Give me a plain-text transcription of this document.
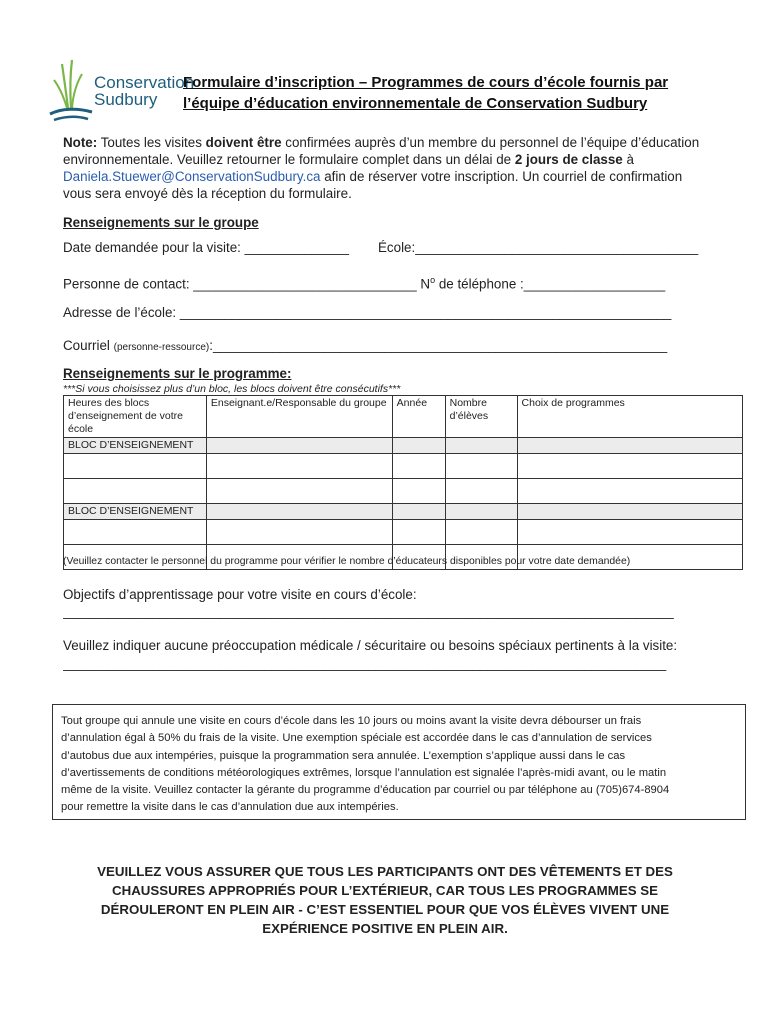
Conservation
Sudbury
Formulaire d’inscription – Programmes de cours d’école fournis par
l’équipe d’éducation environnementale de Conservation Sudbury
Note: Toutes les visites doivent être confirmées auprès d’un membre du personnel de l’équipe d’éducation
environnementale. Veuillez retourner le formulaire complet dans un délai de 2 jours de classe à
Daniela.Stuewer@ConservationSudbury.ca afin de réserver votre inscription. Un courriel de confirmation
vous sera envoyé dès la réception du formulaire.
Renseignements sur le groupe
Date demandée pour la visite: ______________ École:______________________________________
Personne de contact: ______________________________ $N^o$ de téléphone :___________________
Adresse de l’école: __________________________________________________________________
Courriel (personne-ressource):_____________________________________________________________
Renseignements sur le programme:
***Si vous choisissez plus d’un bloc, les blocs doivent être consécutifs***
Heures des blocs d’enseignement de votre école	Enseignant.e/Responsable du groupe	Année	Nombre d’élèves	Choix de programmes
BLOC D’ENSEIGNEMENT				

BLOC D’ENSEIGNEMENT				

(Veuillez contacter le personnel du programme pour vérifier le nombre d’éducateurs disponibles pour votre date demandée)
Objectifs d’apprentissage pour votre visite en cours d’école:
__________________________________________________________________________________
Veuillez indiquer aucune préoccupation médicale / sécuritaire ou besoins spéciaux pertinents à la visite:
_________________________________________________________________________________
Tout groupe qui annule une visite en cours d’école dans les 10 jours ou moins avant la visite devra débourser un frais
d’annulation égal à 50% du frais de la visite. Une exemption spéciale est accordée dans le cas d’annulation de services
d’autobus due aux intempéries, puisque la programmation sera annulée. L’exemption s’applique aussi dans le cas
d’avertissements de conditions météorologiques extrêmes, lorsque l’annulation est signalée l’après-midi avant, ou le matin
même de la visite. Veuillez contacter la gérante du programme d’éducation par courriel ou par téléphone au (705)674-8904
pour remettre la visite dans le cas d’annulation due aux intempéries.
VEUILLEZ VOUS ASSURER QUE TOUS LES PARTICIPANTS ONT DES VÊTEMENTS ET DES
CHAUSSURES APPROPRIÉS POUR L’EXTÉRIEUR, CAR TOUS LES PROGRAMMES SE
DÉROULERONT EN PLEIN AIR - C’EST ESSENTIEL POUR QUE VOS ÉLÈVES VIVENT UNE
EXPÉRIENCE POSITIVE EN PLEIN AIR.
